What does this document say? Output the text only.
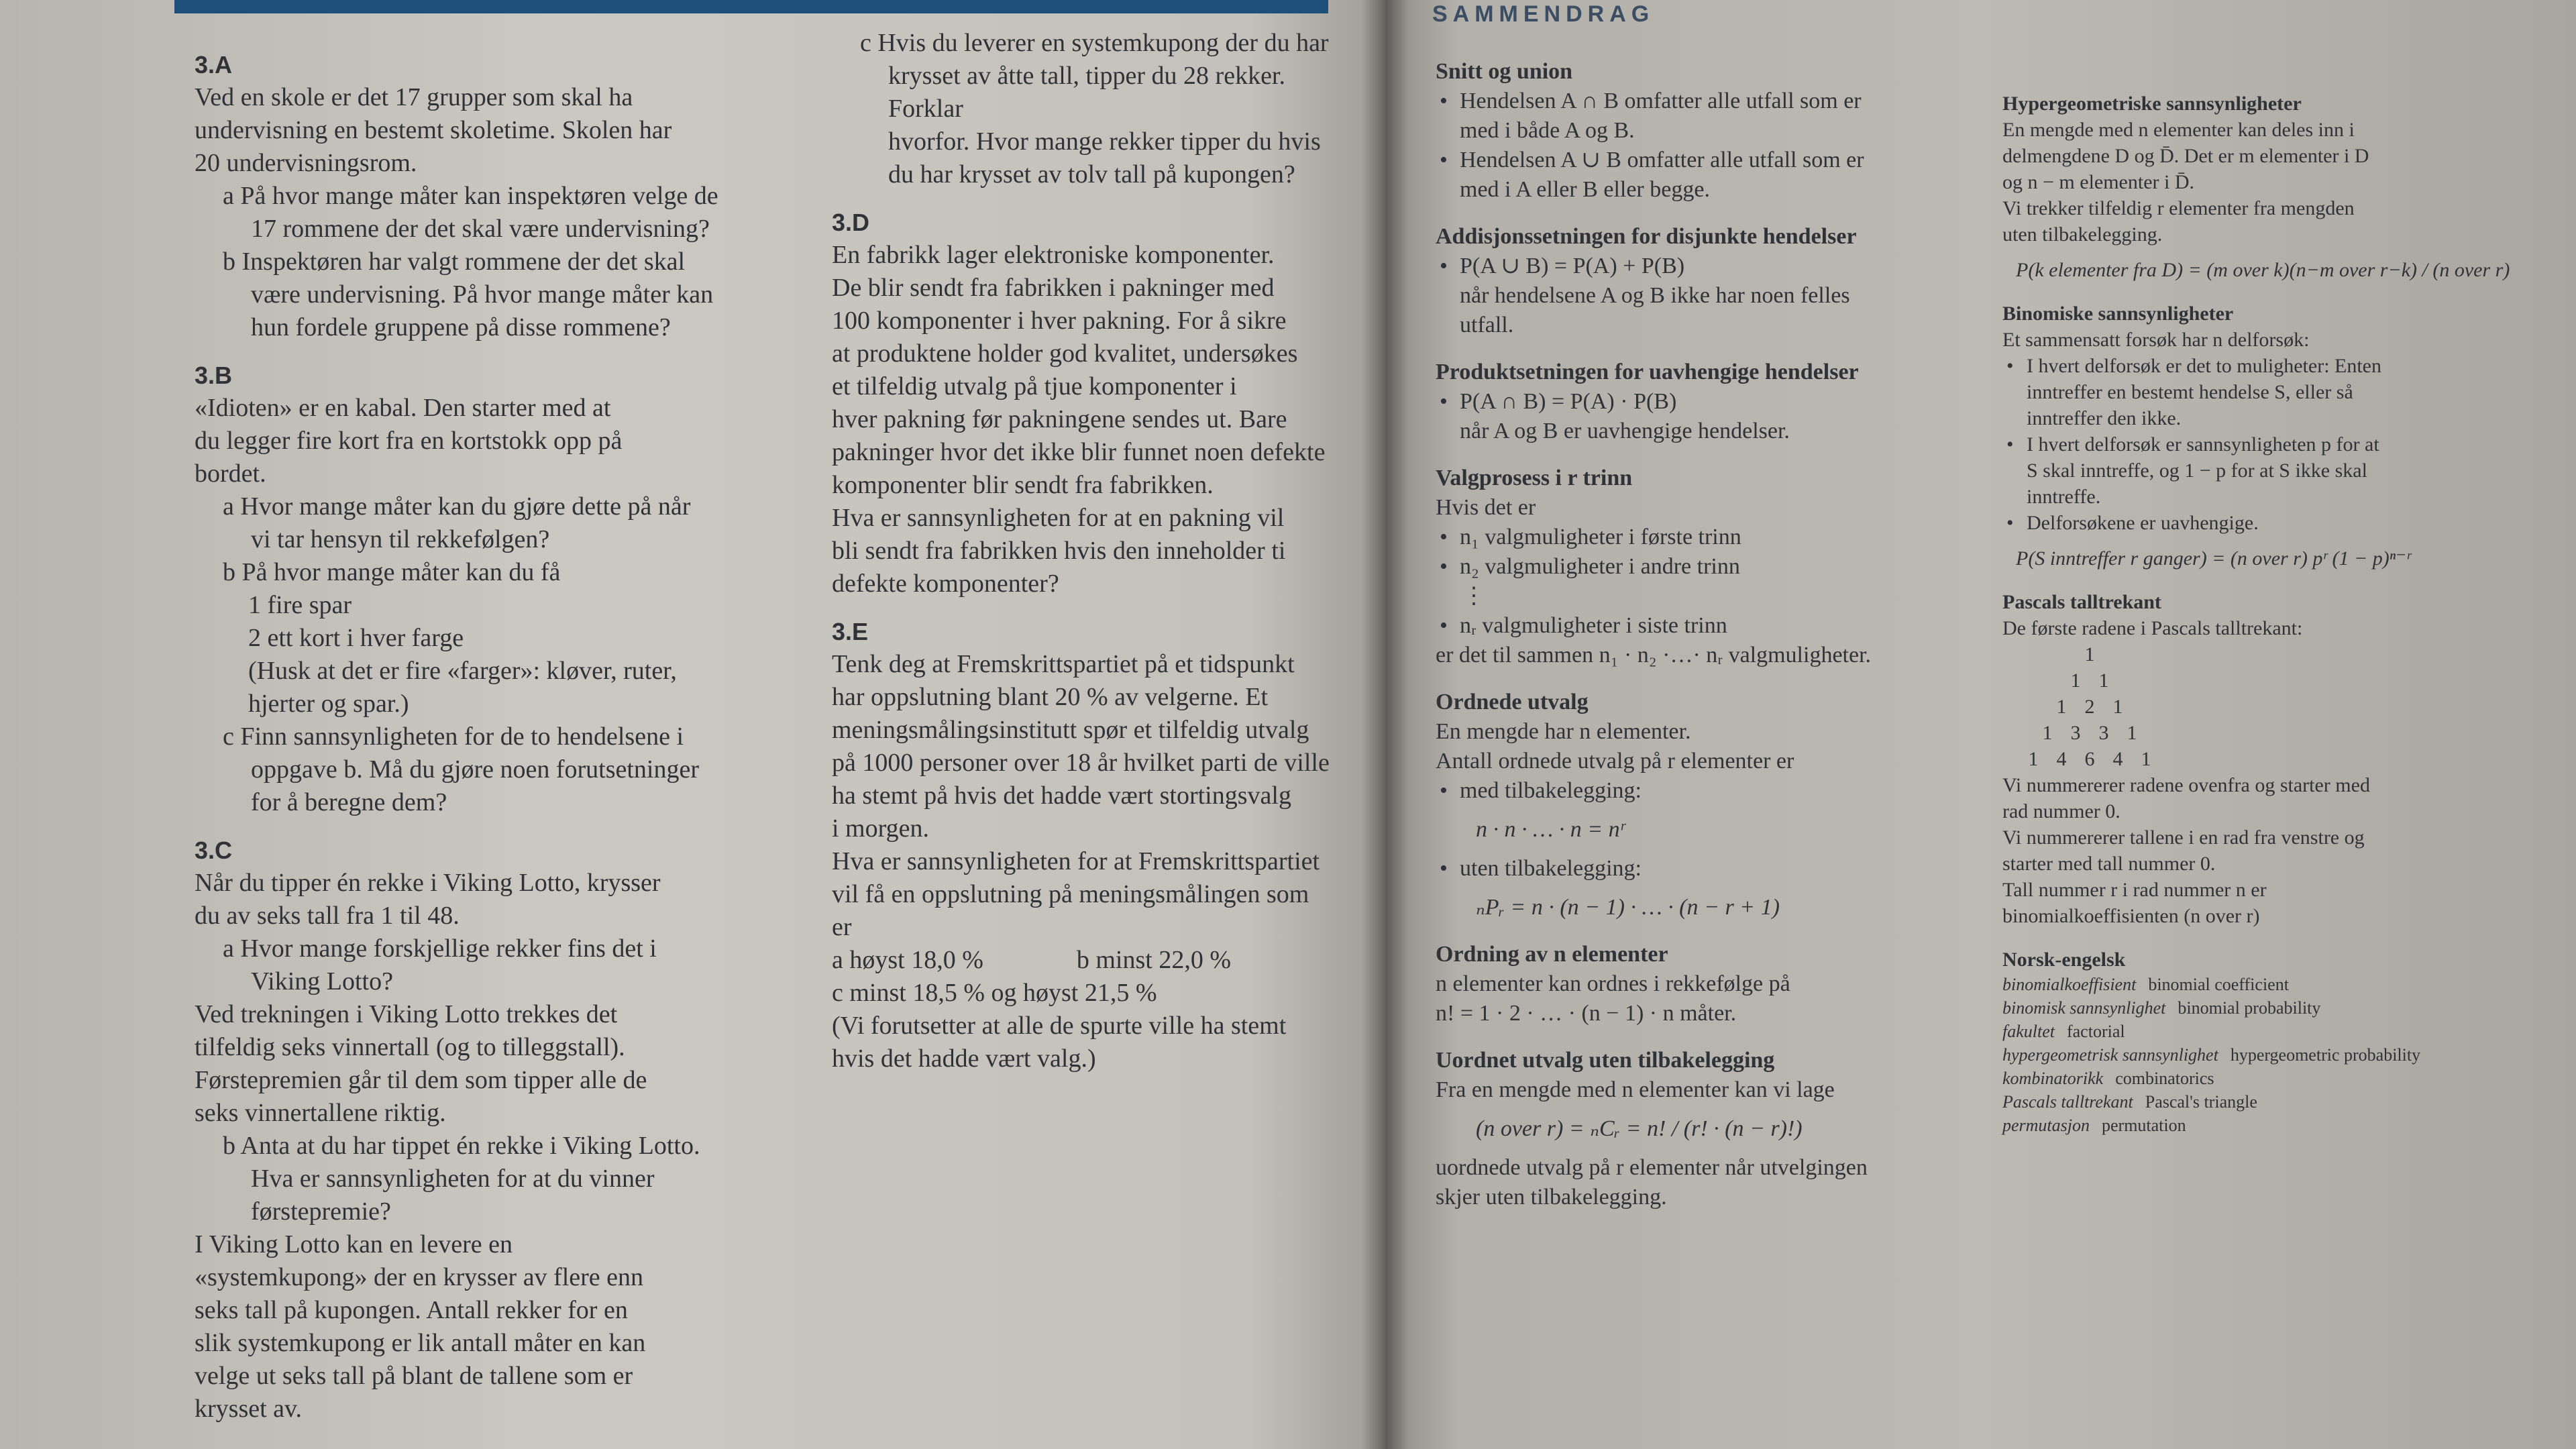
3.A

Ved en skole er det 17 grupper som skal ha

undervisning en bestemt skoletime. Skolen har

20 undervisningsrom.

a På hvor mange måter kan inspektøren velge de

17 rommene der det skal være undervisning?

b Inspektøren har valgt rommene der det skal

være undervisning. På hvor mange måter kan

hun fordele gruppene på disse rommene?

3.B

«Idioten» er en kabal. Den starter med at

du legger fire kort fra en kortstokk opp på

bordet.

a Hvor mange måter kan du gjøre dette på når

vi tar hensyn til rekkefølgen?

b På hvor mange måter kan du få

1 fire spar

2 ett kort i hver farge

(Husk at det er fire «farger»: kløver, ruter,

hjerter og spar.)

c Finn sannsynligheten for de to hendelsene i

oppgave b. Må du gjøre noen forutsetninger

for å beregne dem?

3.C

Når du tipper én rekke i Viking Lotto, krysser

du av seks tall fra 1 til 48.

a Hvor mange forskjellige rekker fins det i

Viking Lotto?

Ved trekningen i Viking Lotto trekkes det

tilfeldig seks vinnertall (og to tilleggstall).

Førstepremien går til dem som tipper alle de

seks vinnertallene riktig.

b Anta at du har tippet én rekke i Viking Lotto.

Hva er sannsynligheten for at du vinner

førstepremie?

I Viking Lotto kan en levere en

«systemkupong» der en krysser av flere enn

seks tall på kupongen. Antall rekker for en

slik systemkupong er lik antall måter en kan

velge ut seks tall på blant de tallene som er

krysset av.

c Hvis du leverer en systemkupong der du har

krysset av åtte tall, tipper du 28 rekker. Forklar

hvorfor. Hvor mange rekker tipper du hvis

du har krysset av tolv tall på kupongen?

3.D

En fabrikk lager elektroniske komponenter.

De blir sendt fra fabrikken i pakninger med

100 komponenter i hver pakning. For å sikre

at produktene holder god kvalitet, undersøkes

et tilfeldig utvalg på tjue komponenter i

hver pakning før pakningene sendes ut. Bare

pakninger hvor det ikke blir funnet noen defekte

komponenter blir sendt fra fabrikken.

Hva er sannsynligheten for at en pakning vil

bli sendt fra fabrikken hvis den inneholder ti

defekte komponenter?

3.E

Tenk deg at Fremskrittspartiet på et tidspunkt

har oppslutning blant 20 % av velgerne. Et

meningsmålingsinstitutt spør et tilfeldig utvalg

på 1000 personer over 18 år hvilket parti de ville

ha stemt på hvis det hadde vært stortingsvalg

i morgen.

Hva er sannsynligheten for at Fremskrittspartiet

vil få en oppslutning på meningsmålingen som

er

a høyst 18,0 %	b minst 22,0 %

c minst 18,5 % og høyst 21,5 %

(Vi forutsetter at alle de spurte ville ha stemt

hvis det hadde vært valg.)

SAMMENDRAG

Snitt og union

• Hendelsen A ∩ B omfatter alle utfall som er

med i både A og B.

• Hendelsen A ∪ B omfatter alle utfall som er

med i A eller B eller begge.

Addisjonssetningen for disjunkte hendelser

• P(A ∪ B) = P(A) + P(B)

når hendelsene A og B ikke har noen felles

utfall.

Produktsetningen for uavhengige hendelser

• P(A ∩ B) = P(A) · P(B)

når A og B er uavhengige hendelser.

Valgprosess i r trinn

Hvis det er

• n₁ valgmuligheter i første trinn

• n₂ valgmuligheter i andre trinn

⋮

• nᵣ valgmuligheter i siste trinn

er det til sammen n₁ · n₂ ·…· nᵣ valgmuligheter.

Ordnede utvalg

En mengde har n elementer.

Antall ordnede utvalg på r elementer er

• med tilbakelegging:

n · n · … · n = nʳ

• uten tilbakelegging:

ₙPᵣ = n · (n − 1) · … · (n − r + 1)

Ordning av n elementer

n elementer kan ordnes i rekkefølge på

n! = 1 · 2 · … · (n − 1) · n måter.

Uordnet utvalg uten tilbakelegging

Fra en mengde med n elementer kan vi lage

(n over r) = ₙCᵣ = n! / (r! · (n − r)!)

uordnede utvalg på r elementer når utvelgingen

skjer uten tilbakelegging.

Hypergeometriske sannsynligheter

En mengde med n elementer kan deles inn i

delmengdene D og D̄. Det er m elementer i D

og n − m elementer i D̄.

Vi trekker tilfeldig r elementer fra mengden

uten tilbakelegging.

P(k elementer fra D) = (m over k)(n−m over r−k) / (n over r)

Binomiske sannsynligheter

Et sammensatt forsøk har n delforsøk:

• I hvert delforsøk er det to muligheter: Enten

inntreffer en bestemt hendelse S, eller så

inntreffer den ikke.

• I hvert delforsøk er sannsynligheten p for at

S skal inntreffe, og 1 − p for at S ikke skal

inntreffe.

• Delforsøkene er uavhengige.

P(S inntreffer r ganger) = (n over r) pʳ (1 − p)ⁿ⁻ʳ

Pascals talltrekant

De første radene i Pascals talltrekant:

1
1 1
1 2 1
1 3 3 1
1 4 6 4 1

Vi nummererer radene ovenfra og starter med

rad nummer 0.

Vi nummererer tallene i en rad fra venstre og

starter med tall nummer 0.

Tall nummer r i rad nummer n er

binomialkoeffisienten (n over r)

Norsk-engelsk

binomialkoeffisient binomial coefficient

binomisk sannsynlighet binomial probability

fakultet factorial

hypergeometrisk sannsynlighet hypergeometric probability

kombinatorikk combinatorics

Pascals talltrekant Pascal's triangle

permutasjon permutation
